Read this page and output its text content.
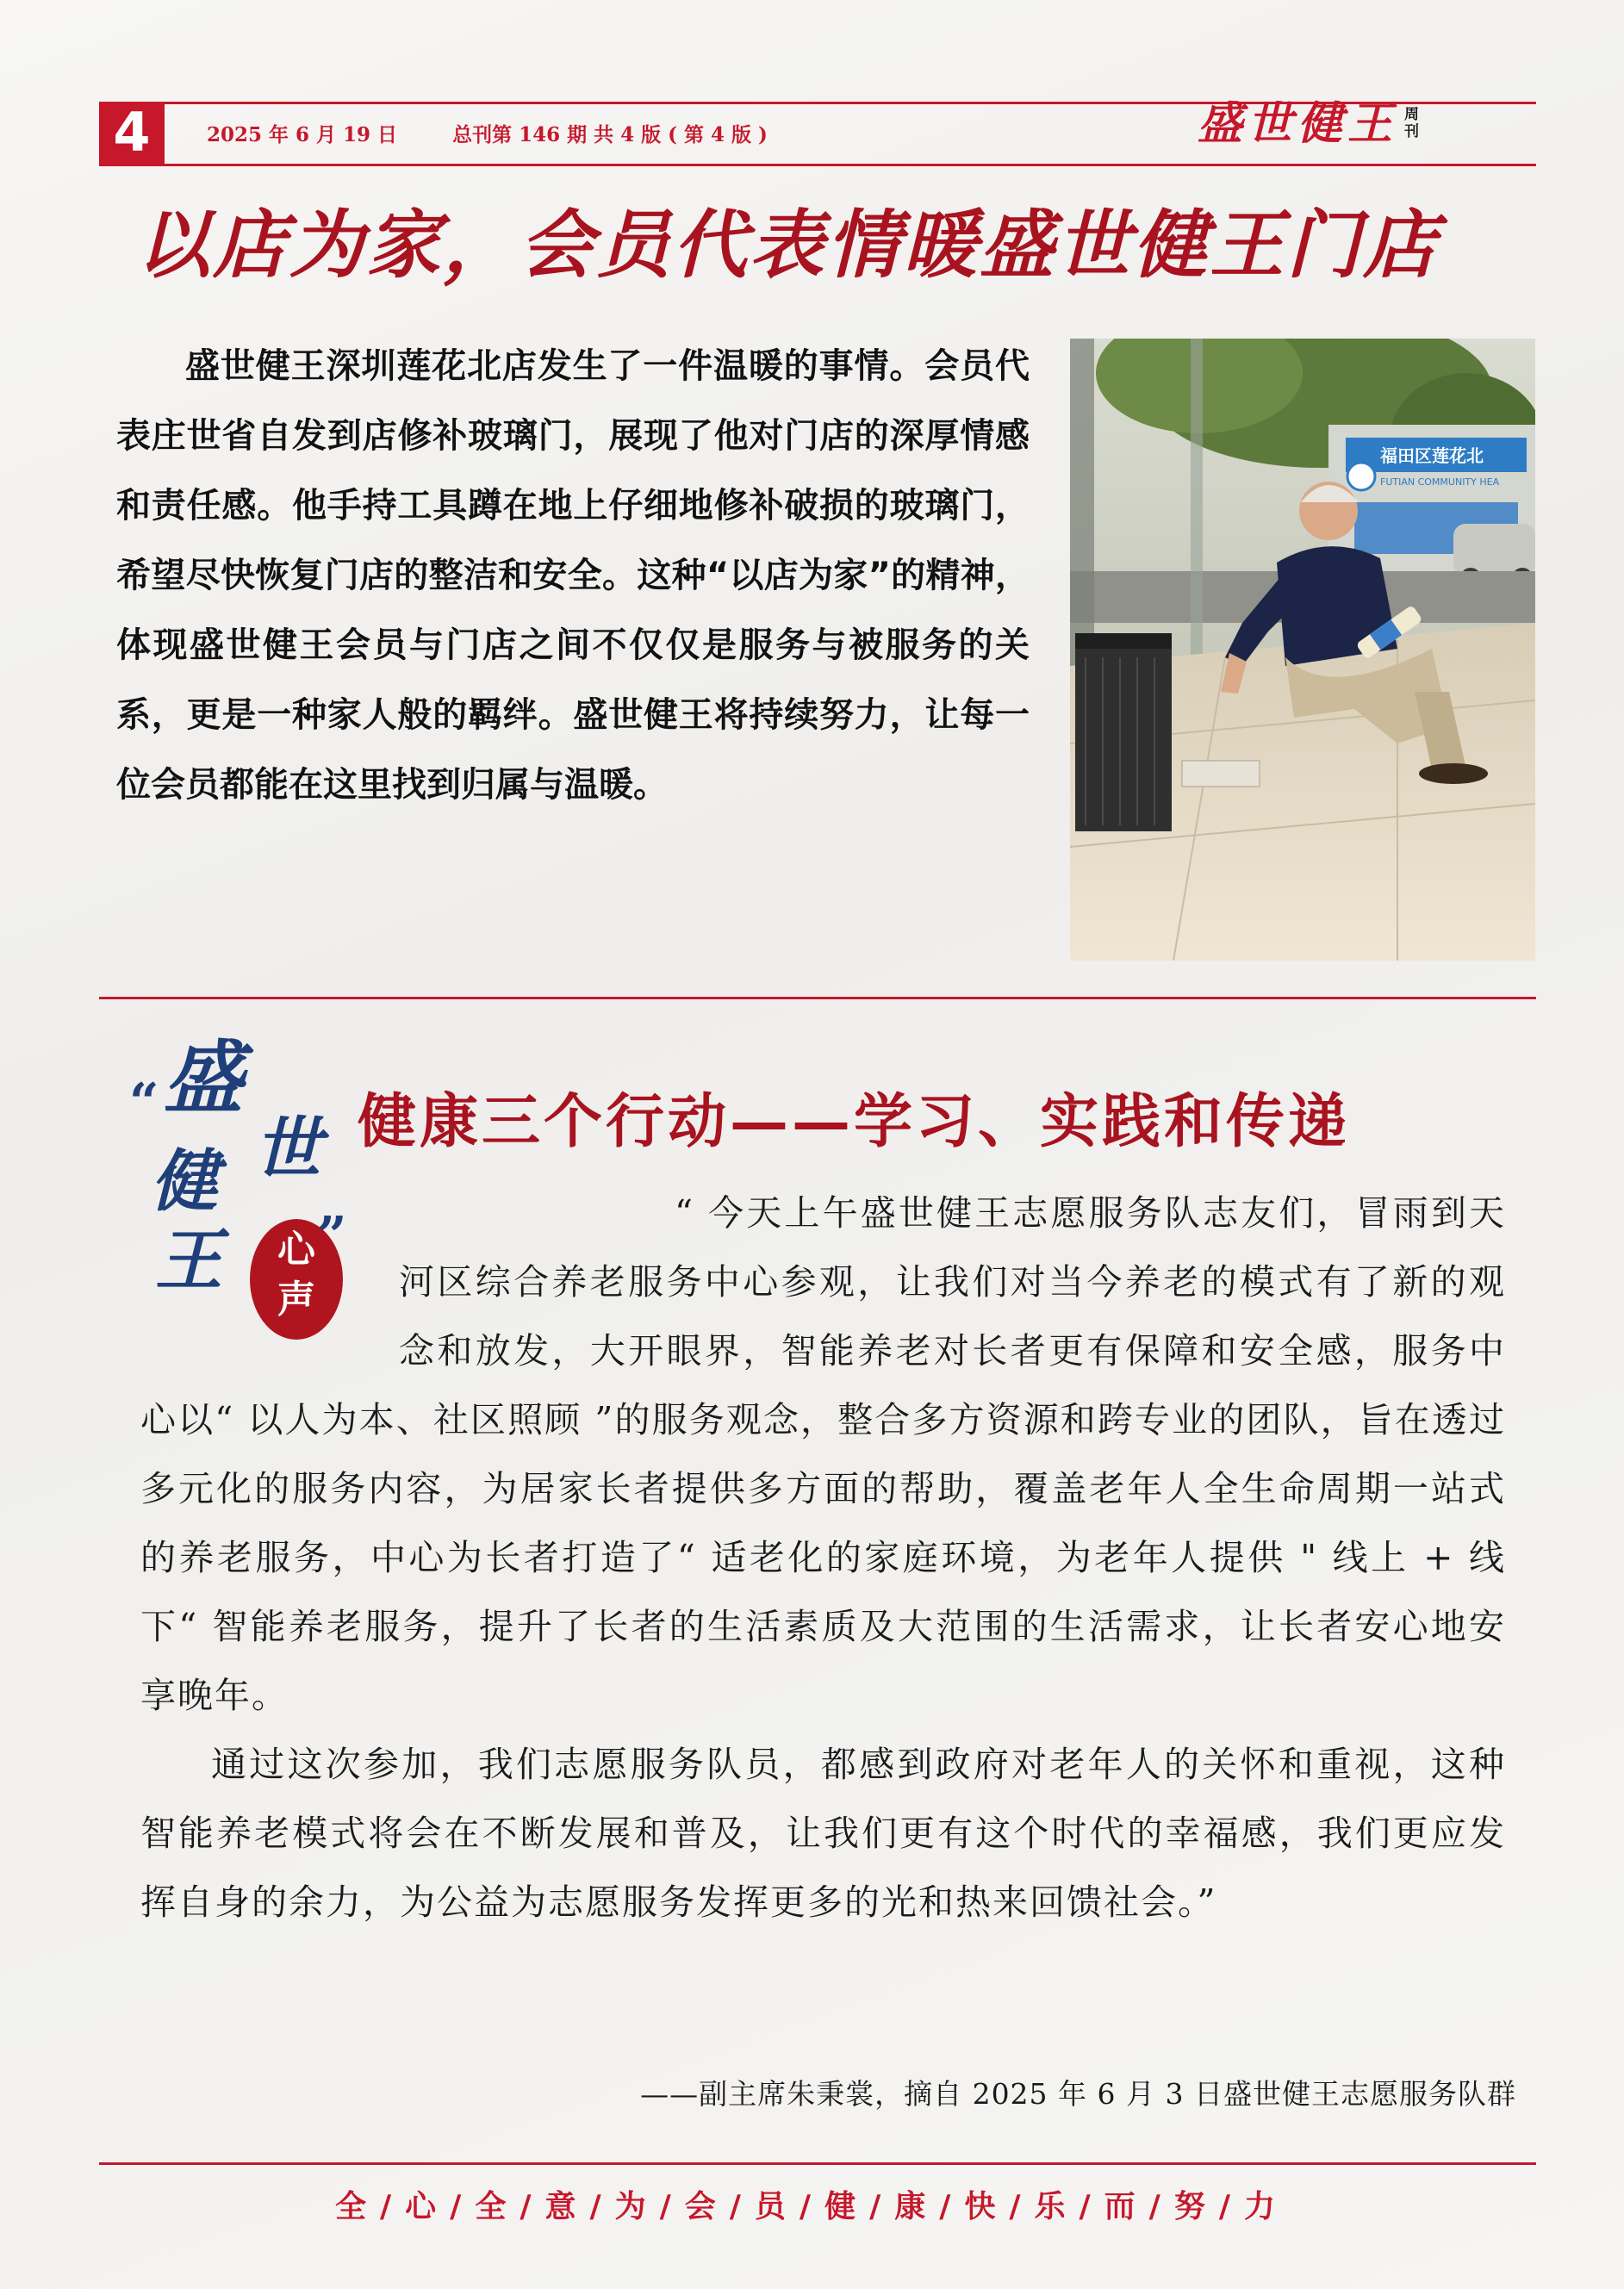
4	2025 年 6 月 19 日	总刊第 146 期 共 4 版 ( 第 4 版 )	盛世健王 周刊
以店为家，会员代表情暖盛世健王门店
盛世健王深圳莲花北店发生了一件温暖的事情。会员代表庄世省自发到店修补玻璃门，展现了他对门店的深厚情感和责任感。他手持工具蹲在地上仔细地修补破损的玻璃门，希望尽快恢复门店的整洁和安全。这种“以店为家”的精神，体现盛世健王会员与门店之间不仅仅是服务与被服务的关系，更是一种家人般的羁绊。盛世健王将持续努力，让每一位会员都能在这里找到归属与温暖。
福田区莲花北
FUTIAN COMMUNITY HEA
“ 盛
世
健
王 心
声
”
健康三个行动——学习、实践和传递

“ 今天上午盛世健王志愿服务队志友们，冒雨到天河区综合养老服务中心参观，让我们对当今养老的模式有了新的观念和放发，大开眼界，智能养老对长者更有保障和安全感，服务中心以“ 以人为本、社区照顾 ”的服务观念，整合多方资源和跨专业的团队，旨在透过多元化的服务内容，为居家长者提供多方面的帮助，覆盖老年人全生命周期一站式的养老服务，中心为长者打造了“ 适老化的家庭环境，为老年人提供 " 线上 + 线下“ 智能养老服务，提升了长者的生活素质及大范围的生活需求，让长者安心地安享晚年。

通过这次参加，我们志愿服务队员，都感到政府对老年人的关怀和重视，这种智能养老模式将会在不断发展和普及，让我们更有这个时代的幸福感，我们更应发挥自身的余力，为公益为志愿服务发挥更多的光和热来回馈社会。”

——副主席朱秉裳，摘自 2025 年 6 月 3 日盛世健王志愿服务队群
全/心/全/意/为/会/员/健/康/快/乐/而/努/力
